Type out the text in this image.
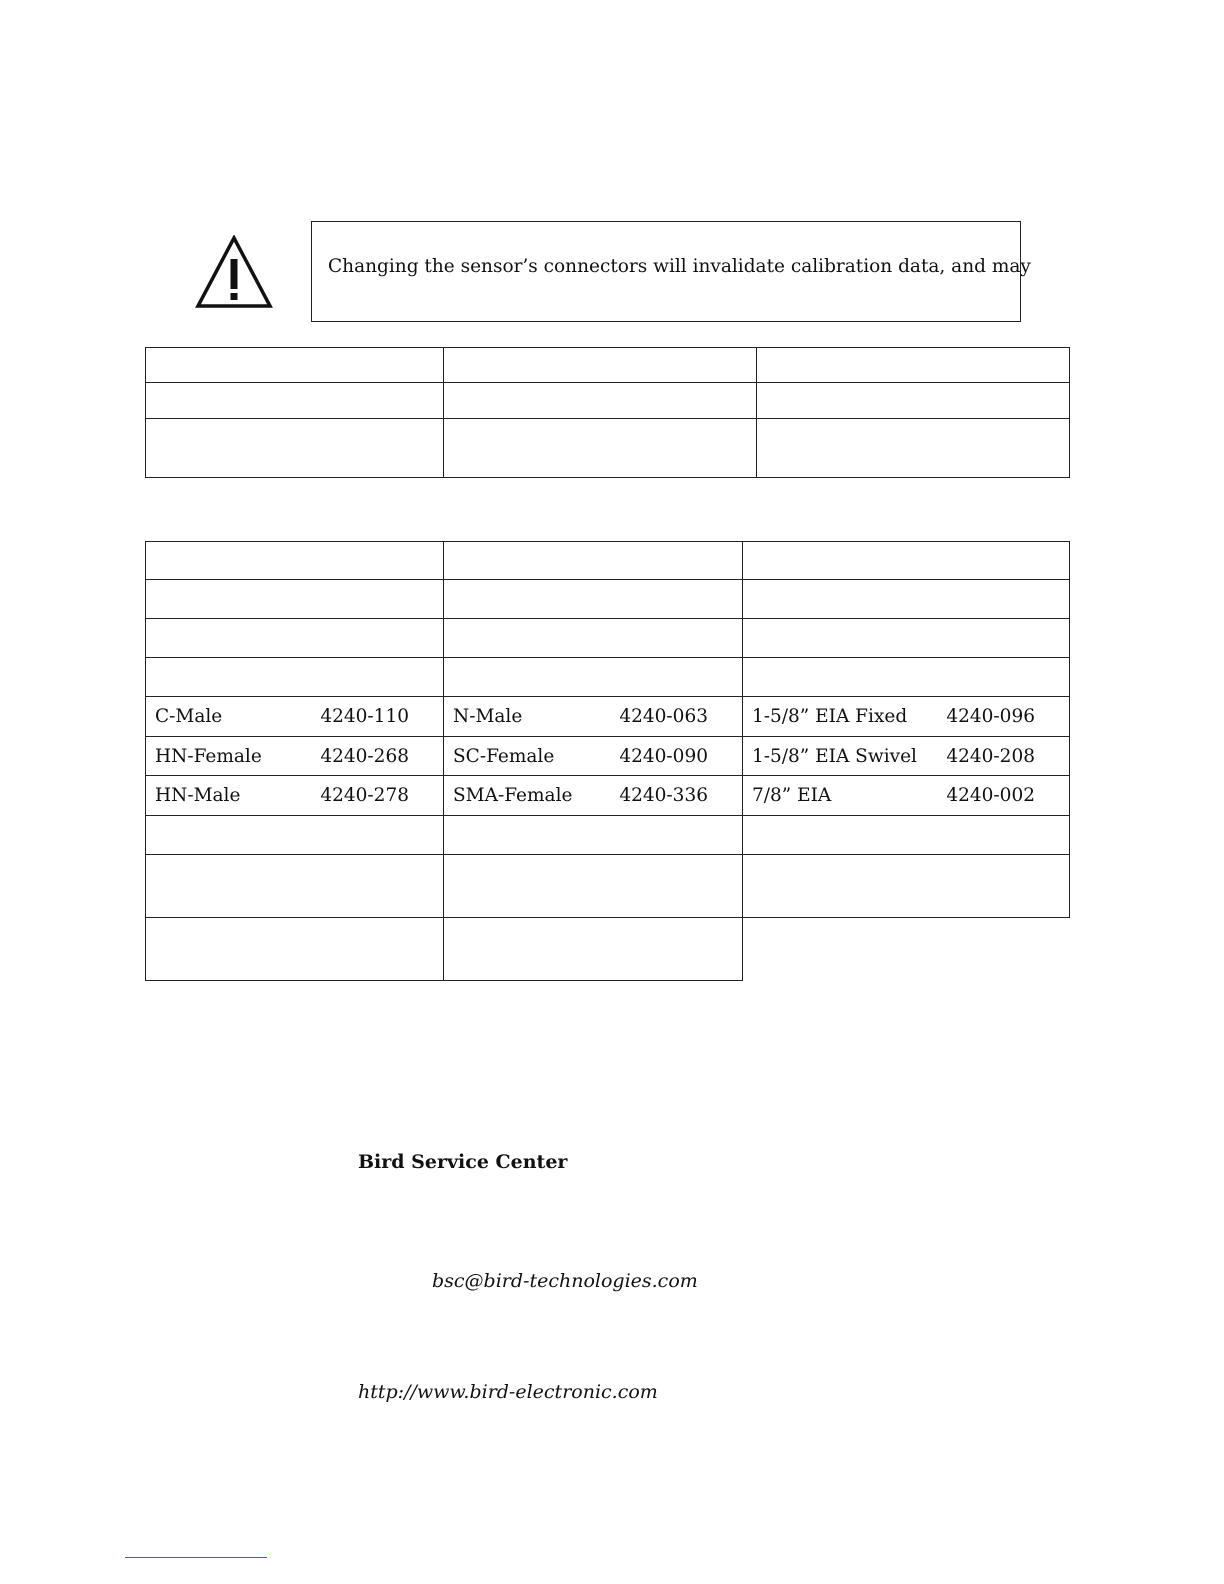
Changing the sensor’s connectors will invalidate calibration data, and may

C-Male 4240-110	N-Male 4240-063	1-5/8” EIA Fixed 4240-096

HN-Female 4240-268	SC-Female 4240-090	1-5/8” EIA Swivel 4240-208

HN-Male 4240-278	SMA-Female 4240-336	7/8” EIA 4240-002

Bird Service Center
bsc@bird-technologies.com
http://www.bird-electronic.com
